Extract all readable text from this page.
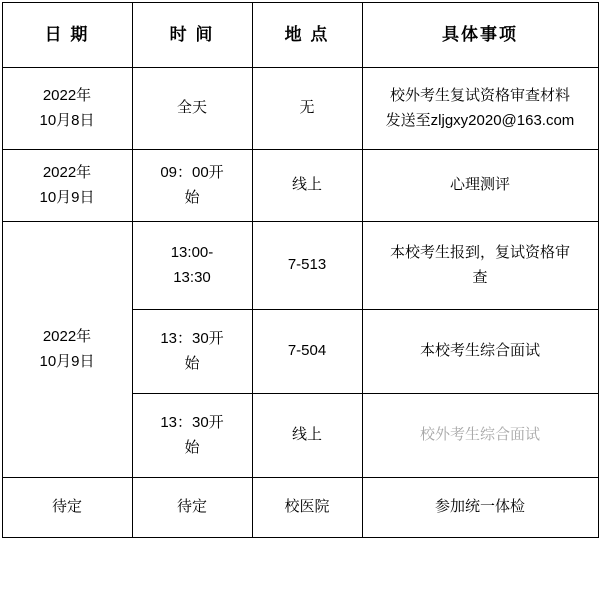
日 期	时 间	地 点	具体事项

2022年
10月8日	全天	无	校外考生复试资格审查材料
发送至zljgxy2020@163.com

2022年
10月9日	09：00开
始	线上	心理测评

2022年
10月9日	13:00-
13:30	7-513	本校考生报到，复试资格审
查

	13：30开
始	7-504	本校考生综合面试

	13：30开
始	线上	校外考生综合面试

待定	待定	校医院	参加统一体检
